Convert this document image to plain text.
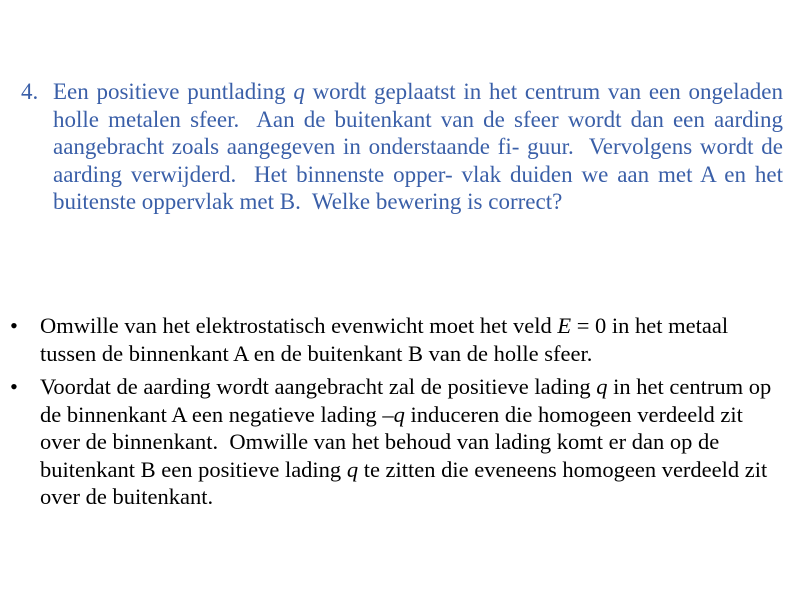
4. Een positieve puntlading q wordt geplaatst in het centrum van een ongeladen holle metalen sfeer.  Aan de buitenkant van de sfeer wordt dan een aarding aangebracht zoals aangegeven in onderstaande fi- guur.  Vervolgens wordt de aarding verwijderd.  Het binnenste opper- vlak duiden we aan met A en het buitenste oppervlak met B.  Welke bewering is correct?
• Omwille van het elektrostatisch evenwicht moet het veld E = 0 in het metaal tussen de binnenkant A en de buitenkant B van de holle sfeer.
• Voordat de aarding wordt aangebracht zal de positieve lading q in het centrum op de binnenkant A een negatieve lading –q induceren die homogeen verdeeld zit over de binnenkant.  Omwille van het behoud van lading komt er dan op de buitenkant B een positieve lading q te zitten die eveneens homogeen verdeeld zit over de buitenkant.
